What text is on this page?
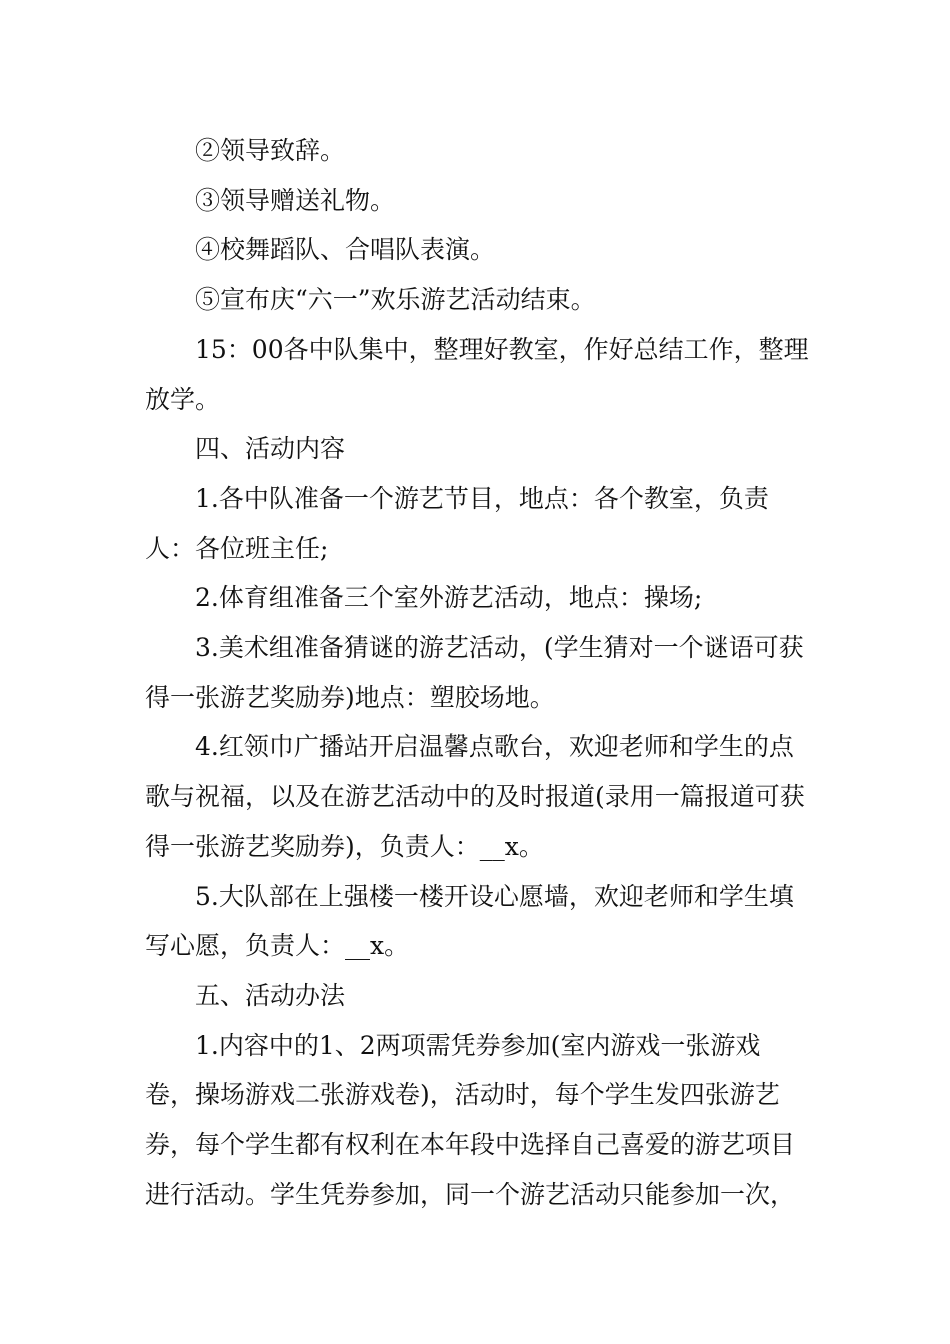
②领导致辞。

③领导赠送礼物。

④校舞蹈队、合唱队表演。

⑤宣布庆“六一”欢乐游艺活动结束。

15：00各中队集中，整理好教室，作好总结工作，整理放学。

四、活动内容

1.各中队准备一个游艺节目，地点：各个教室，负责人：各位班主任;

2.体育组准备三个室外游艺活动，地点：操场;

3.美术组准备猜谜的游艺活动，(学生猜对一个谜语可获得一张游艺奖励券)地点：塑胶场地。

4.红领巾广播站开启温馨点歌台，欢迎老师和学生的点歌与祝福，以及在游艺活动中的及时报道(录用一篇报道可获得一张游艺奖励券)，负责人：__x。

5.大队部在上强楼一楼开设心愿墙，欢迎老师和学生填写心愿，负责人：__x。

五、活动办法

1.内容中的1、2两项需凭券参加(室内游戏一张游戏卷，操场游戏二张游戏卷)，活动时，每个学生发四张游艺券，每个学生都有权利在本年段中选择自己喜爱的游艺项目进行活动。学生凭券参加，同一个游艺活动只能参加一次，
